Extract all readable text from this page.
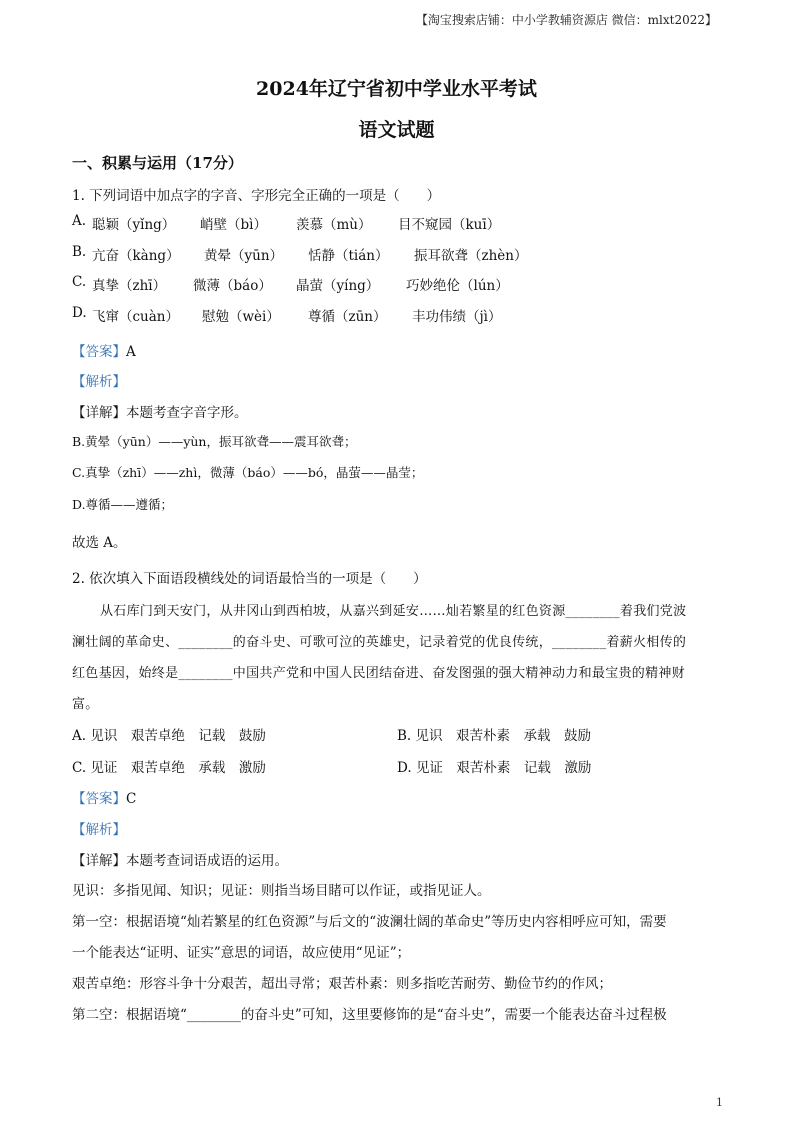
【淘宝搜索店铺：中小学教辅资源店 微信：mlxt2022】
2024年辽宁省初中学业水平考试
语文试题
一、积累与运用（17分）
1. 下列词语中加点字的字音、字形完全正确的一项是（　　）
A. 聪颖（yǐng） 峭壁（bì） 羡慕（mù） 目不窥园（kuī）
B. 亢奋（kàng） 黄晕（yūn） 恬静（tián） 振耳欲聋（zhèn）
C. 真挚（zhī） 微薄（báo） 晶萤（yíng） 巧妙绝伦（lún）
D. 飞窜（cuàn） 慰勉（wèi） 尊循（zūn） 丰功伟绩（jì）
【答案】A
【解析】
【详解】本题考查字音字形。
B.黄晕（yūn）——yùn，振耳欲聋——震耳欲聋；
C.真挚（zhī）——zhì，微薄（báo）——bó，晶萤——晶莹；
D.尊循——遵循；
故选 A。
2. 依次填入下面语段横线处的词语最恰当的一项是（　　）
从石库门到天安门，从井冈山到西柏坡，从嘉兴到延安……灿若繁星的红色资源________着我们党波
澜壮阔的革命史、________的奋斗史、可歌可泣的英雄史，记录着党的优良传统，________着薪火相传的
红色基因，始终是________中国共产党和中国人民团结奋进、奋发图强的强大精神动力和最宝贵的精神财
富。
A. 见识　艰苦卓绝　记载　鼓励	B. 见识　艰苦朴素　承载　鼓励
C. 见证　艰苦卓绝　承载　激励	D. 见证　艰苦朴素　记载　激励
【答案】C
【解析】
【详解】本题考查词语成语的运用。
见识：多指见闻、知识；见证：则指当场目睹可以作证，或指见证人。
第一空：根据语境“灿若繁星的红色资源”与后文的“波澜壮阔的革命史”等历史内容相呼应可知，需要
一个能表达“证明、证实”意思的词语，故应使用“见证”；
艰苦卓绝：形容斗争十分艰苦，超出寻常；艰苦朴素：则多指吃苦耐劳、勤俭节约的作风；
第二空：根据语境“________的奋斗史”可知，这里要修饰的是“奋斗史”，需要一个能表达奋斗过程极
1
